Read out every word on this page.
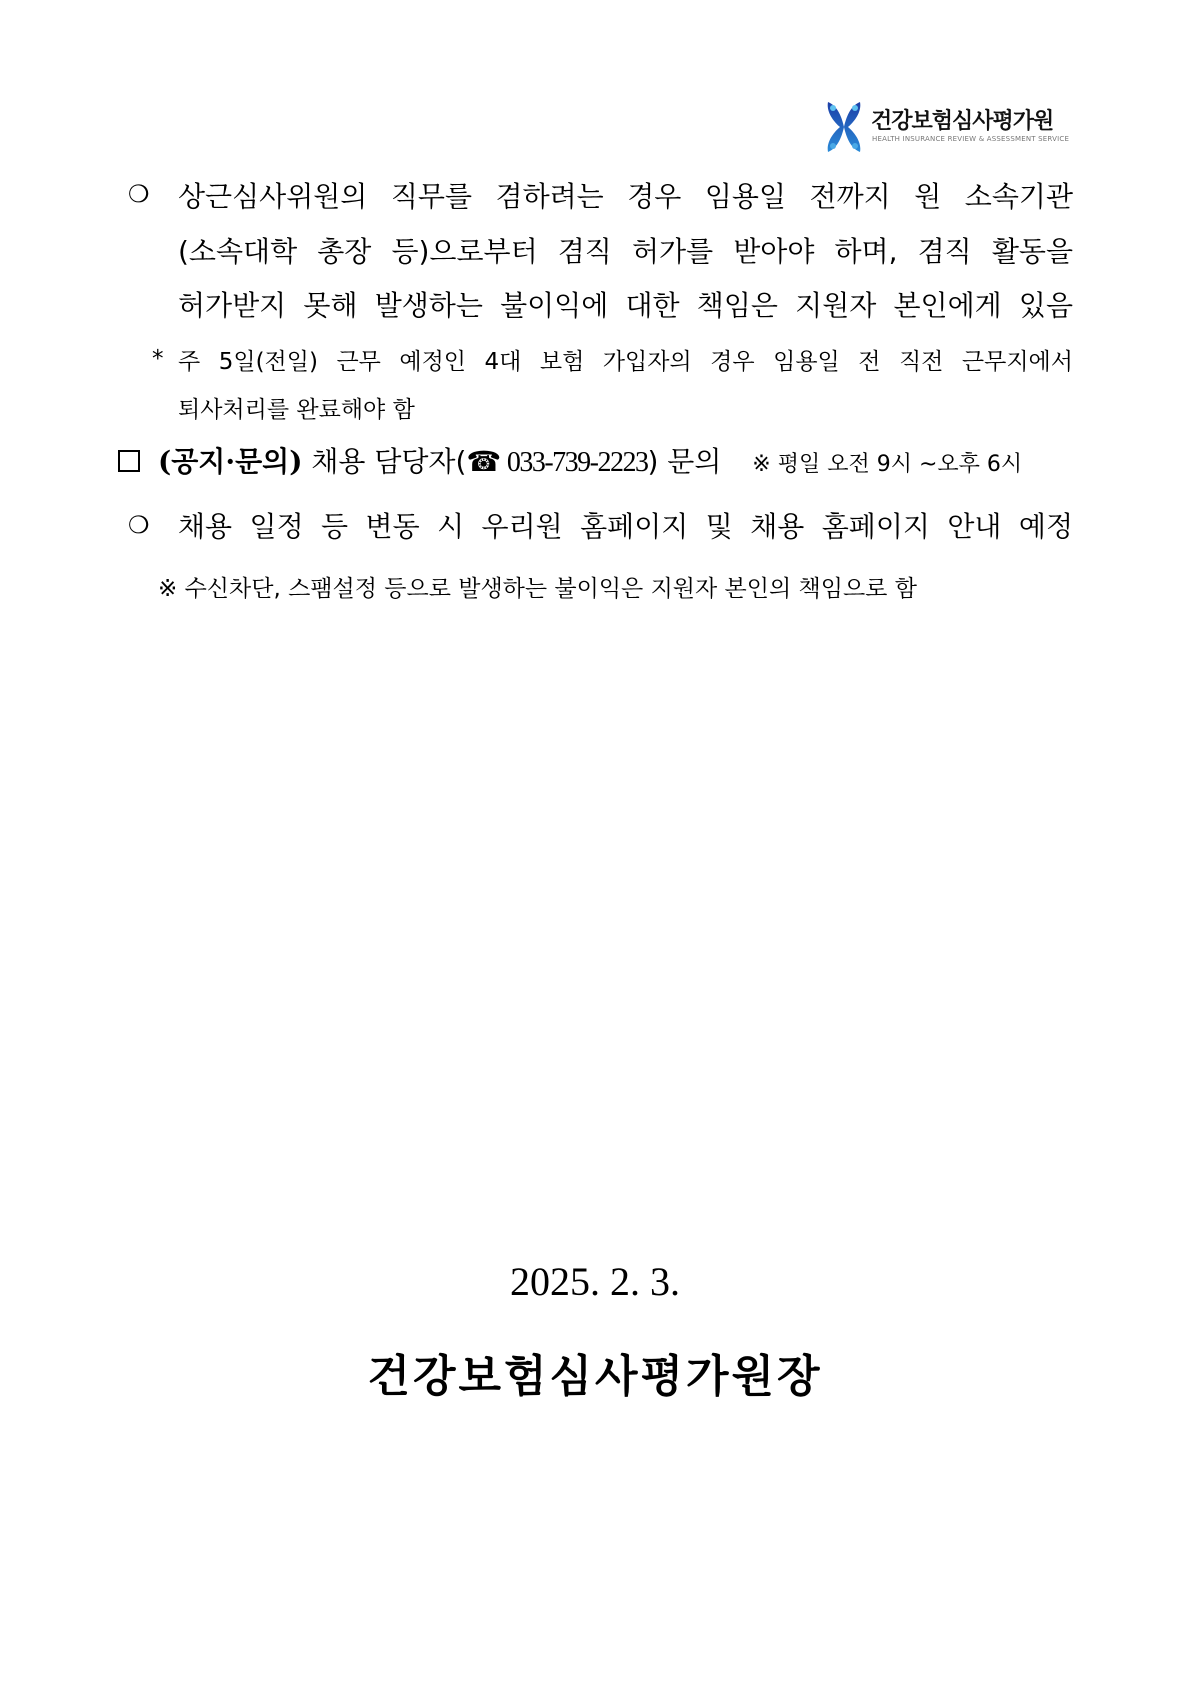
건강보험심사평가원
HEALTH INSURANCE REVIEW & ASSESSMENT SERVICE
❍ 상근심사위원의 직무를 겸하려는 경우 임용일 전까지 원 소속기관
(소속대학 총장 등)으로부터 겸직 허가를 받아야 하며, 겸직 활동을
허가받지 못해 발생하는 불이익에 대한 책임은 지원자 본인에게 있음
* 주 5일(전일) 근무 예정인 4대 보험 가입자의 경우 임용일 전 직전 근무지에서
퇴사처리를 완료해야 함
(공지·문의) 채용 담당자(☎ 033-739-2223) 문의 ※ 평일 오전 9시 ~오후 6시
❍ 채용 일정 등 변동 시 우리원 홈페이지 및 채용 홈페이지 안내 예정
※ 수신차단, 스팸설정 등으로 발생하는 불이익은 지원자 본인의 책임으로 함
2025. 2. 3.
건강보험심사평가원장
